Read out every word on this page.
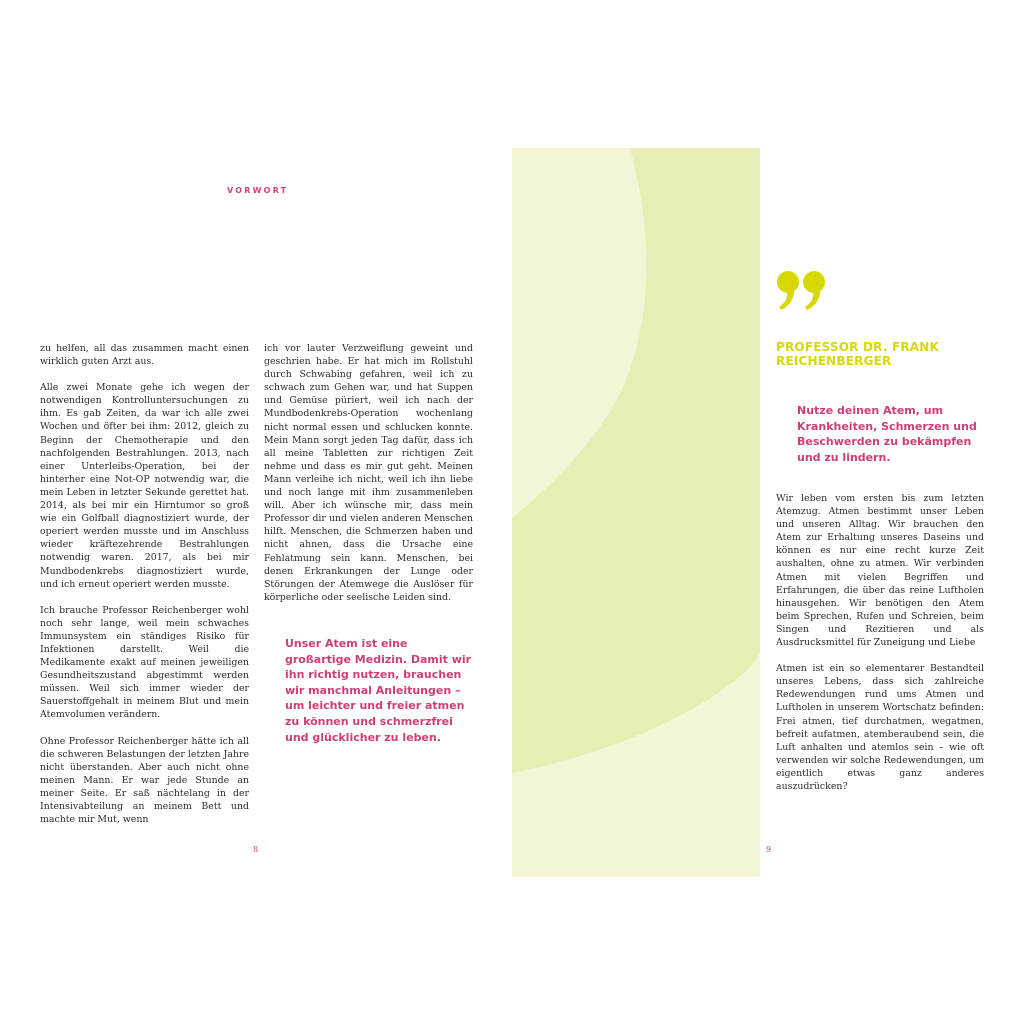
VORWORT

zu helfen, all das zusammen macht einen wirklich guten Arzt aus.

Alle zwei Monate gehe ich wegen der notwendigen Kontrolluntersuchungen zu ihm. Es gab Zeiten, da war ich alle zwei Wochen und öfter bei ihm: 2012, gleich zu Beginn der Chemotherapie und den nachfolgenden Bestrahlungen. 2013, nach einer Unterleibs-Operation, bei der hinterher eine Not-OP notwendig war, die mein Leben in letzter Sekunde gerettet hat. 2014, als bei mir ein Hirntumor so groß wie ein Golfball diagnostiziert wurde, der operiert werden musste und im Anschluss wieder kräftezehrende Bestrahlungen notwendig waren. 2017, als bei mir Mundbodenkrebs diagnostiziert wurde, und ich erneut operiert werden musste.

Ich brauche Professor Reichenberger wohl noch sehr lange, weil mein schwaches Immunsystem ein ständiges Risiko für Infektionen darstellt. Weil die Medikamente exakt auf meinen jeweiligen Gesundheitszustand abgestimmt werden müssen. Weil sich immer wieder der Sauerstoffgehalt in meinem Blut und mein Atemvolumen verändern.

Ohne Professor Reichenberger hätte ich all die schweren Belastungen der letzten Jahre nicht überstanden. Aber auch nicht ohne meinen Mann. Er war jede Stunde an meiner Seite. Er saß nächtelang in der Intensivabteilung an meinem Bett und machte mir Mut, wenn

ich vor lauter Verzweiflung geweint und geschrien habe. Er hat mich im Rollstuhl durch Schwabing gefahren, weil ich zu schwach zum Gehen war, und hat Suppen und Gemüse püriert, weil ich nach der Mundbodenkrebs-Operation wochenlang nicht normal essen und schlucken konnte. Mein Mann sorgt jeden Tag dafür, dass ich all meine Tabletten zur richtigen Zeit nehme und dass es mir gut geht. Meinen Mann verleihe ich nicht, weil ich ihn liebe und noch lange mit ihm zusammenleben will. Aber ich wünsche mir, dass mein Professor dir und vielen anderen Menschen hilft. Menschen, die Schmerzen haben und nicht ahnen, dass die Ursache eine Fehlatmung sein kann. Menschen, bei denen Erkrankungen der Lunge oder Störungen der Atemwege die Auslöser für körperliche oder seelische Leiden sind.

Unser Atem ist eine großartige Medizin. Damit wir ihn richtig nutzen, brauchen wir manchmal Anleitungen – um leichter und freier atmen zu können und schmerzfrei und glücklicher zu leben.
8
PROFESSOR DR. FRANK REICHENBERGER
Nutze deinen Atem, um Krankheiten, Schmerzen und Beschwerden zu bekämpfen und zu lindern.

Wir leben vom ersten bis zum letzten Atemzug. Atmen bestimmt unser Leben und unseren Alltag. Wir brauchen den Atem zur Erhaltung unseres Daseins und können es nur eine recht kurze Zeit aushalten, ohne zu atmen. Wir verbinden Atmen mit vielen Begriffen und Erfahrungen, die über das reine Luftholen hinausgehen. Wir benötigen den Atem beim Sprechen, Rufen und Schreien, beim Singen und Rezitieren und als Ausdrucksmittel für Zuneigung und Liebe

Atmen ist ein so elementarer Bestandteil unseres Lebens, dass sich zahlreiche Redewendungen rund ums Atmen und Luftholen in unserem Wortschatz befinden: Frei atmen, tief durchatmen, wegatmen, befreit aufatmen, atemberaubend sein, die Luft anhalten und atemlos sein – wie oft verwenden wir solche Redewendungen, um eigentlich etwas ganz anderes auszudrücken?

9
